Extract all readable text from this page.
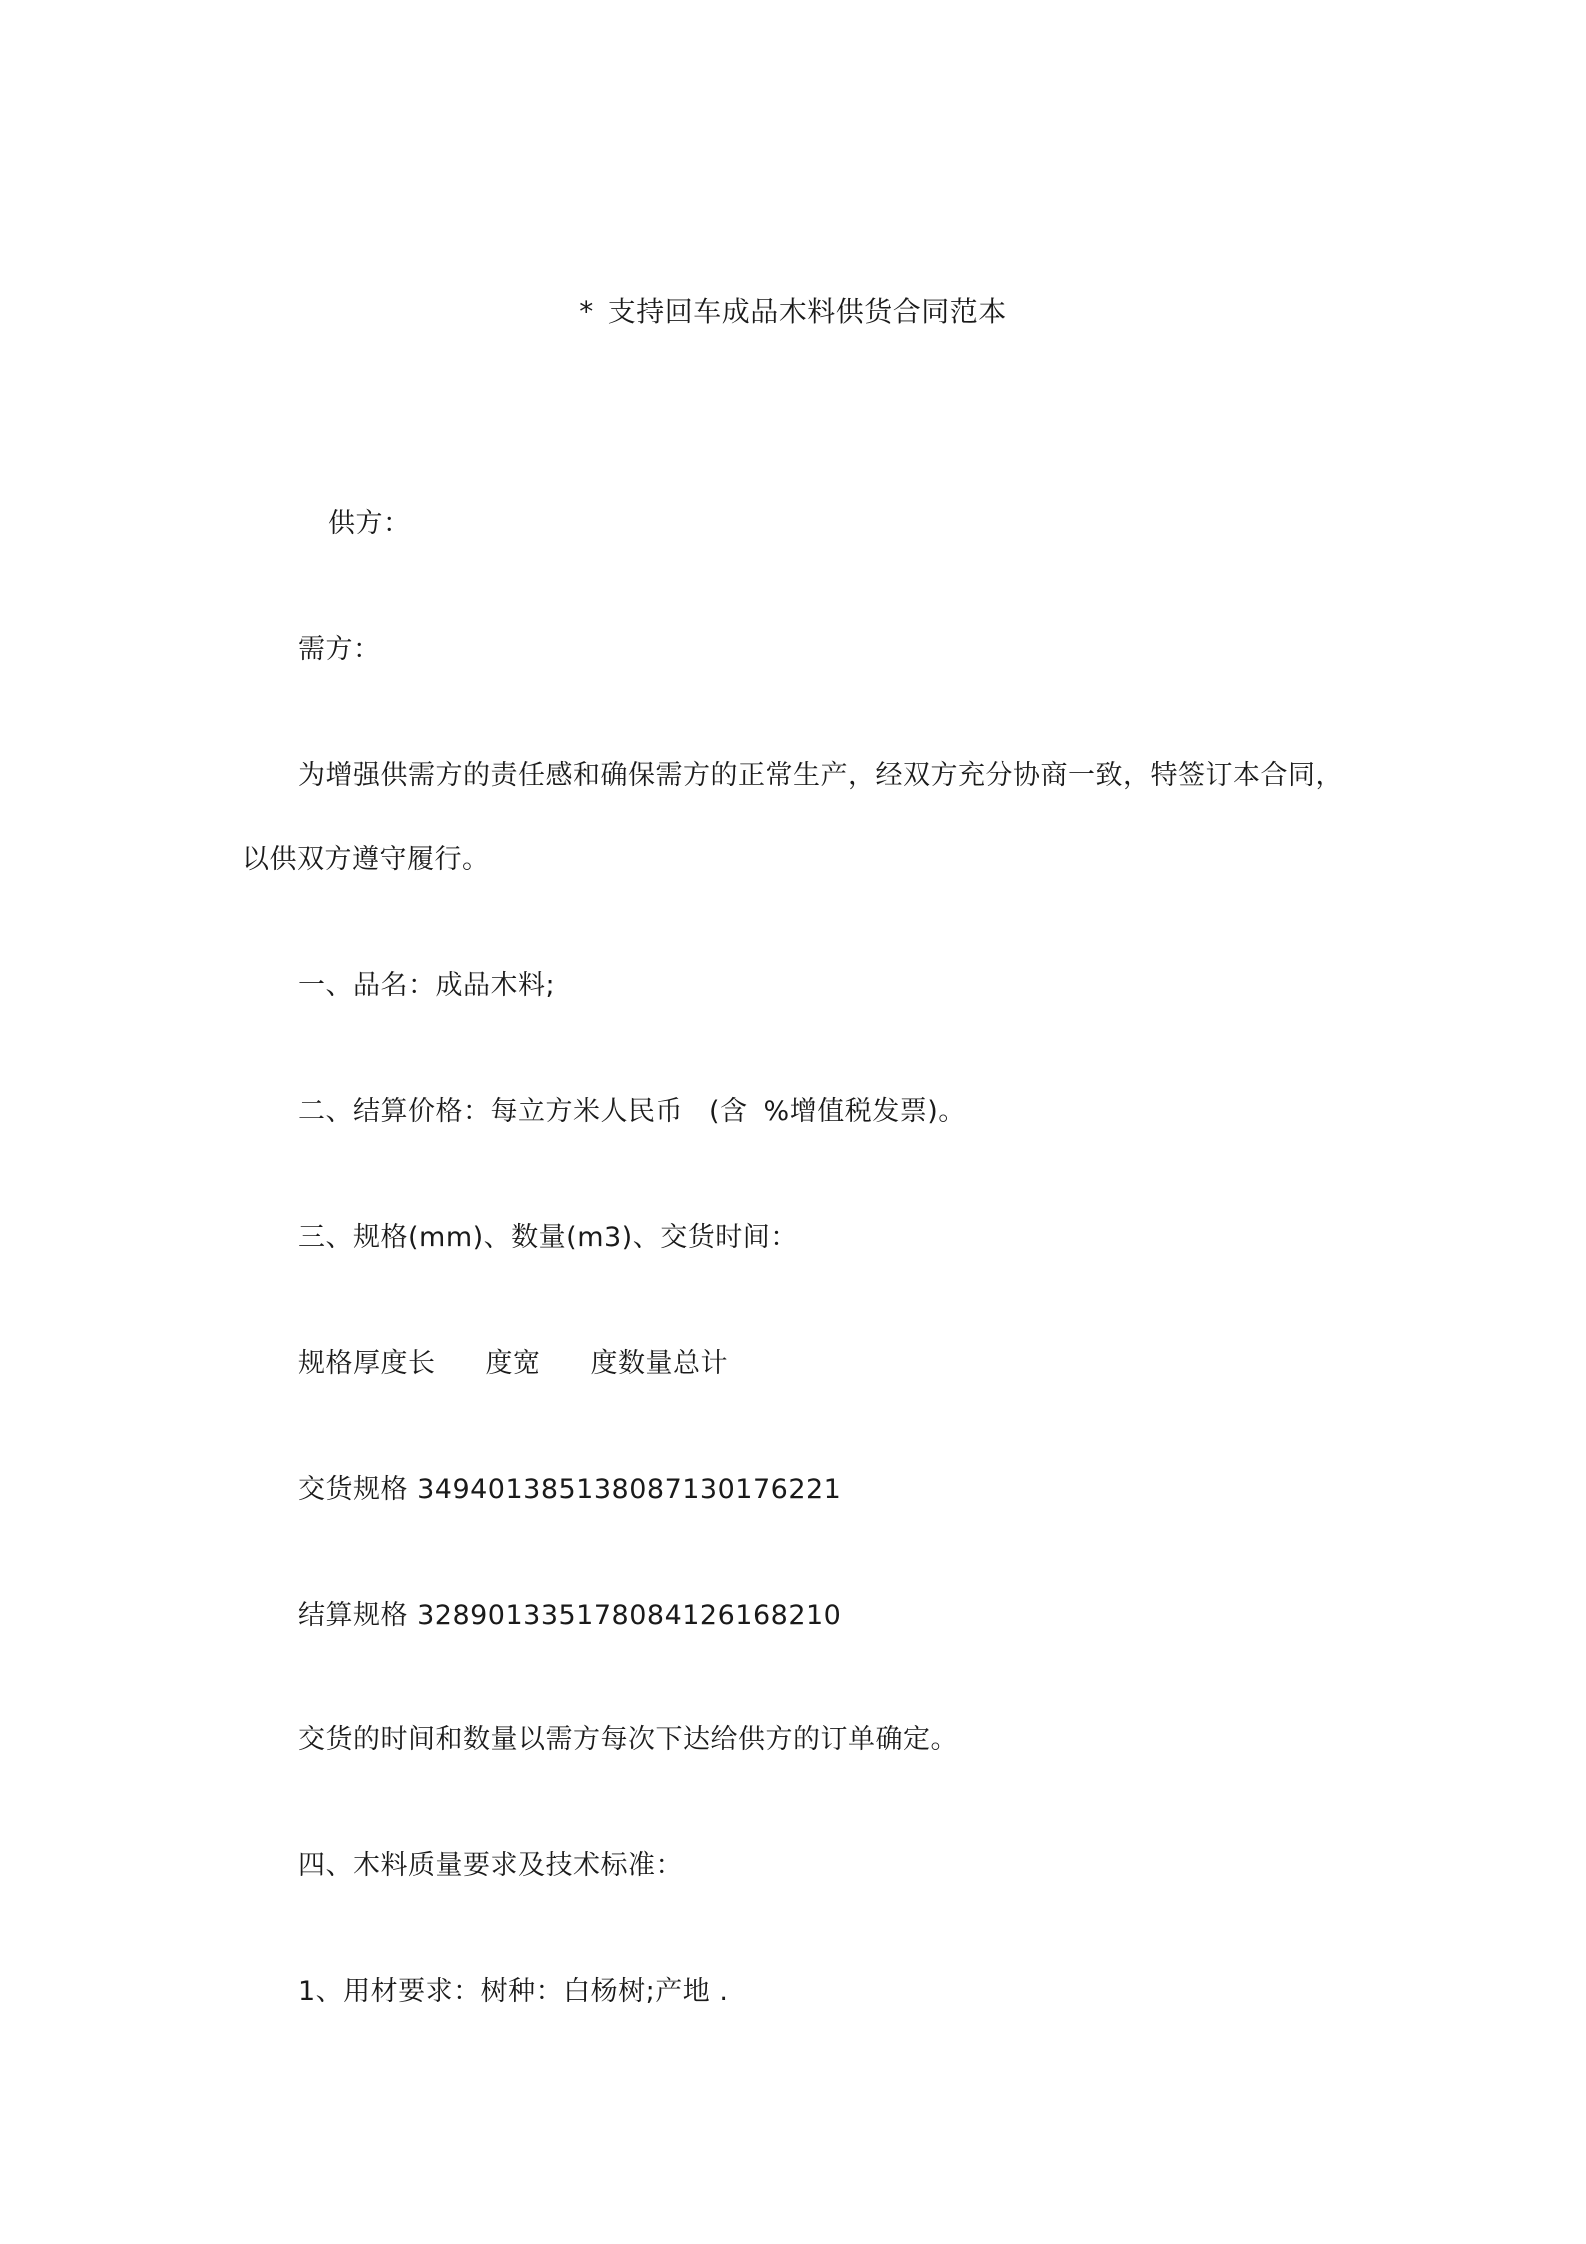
* 支持回车成品木料供货合同范本
供方：
需方：
为增强供需方的责任感和确保需方的正常生产，经双方充分协商一致，特签订本合同，
以供双方遵守履行。
一、品名：成品木料;
二、结算价格：每立方米人民币 (含 %增值税发票)。
三、规格(mm)、数量(m3)、交货时间：
规格厚度长 度宽 度数量总计
交货规格 349401385138087130176221
结算规格 328901335178084126168210
交货的时间和数量以需方每次下达给供方的订单确定。
四、木料质量要求及技术标准：
1、用材要求：树种：白杨树;产地 .
